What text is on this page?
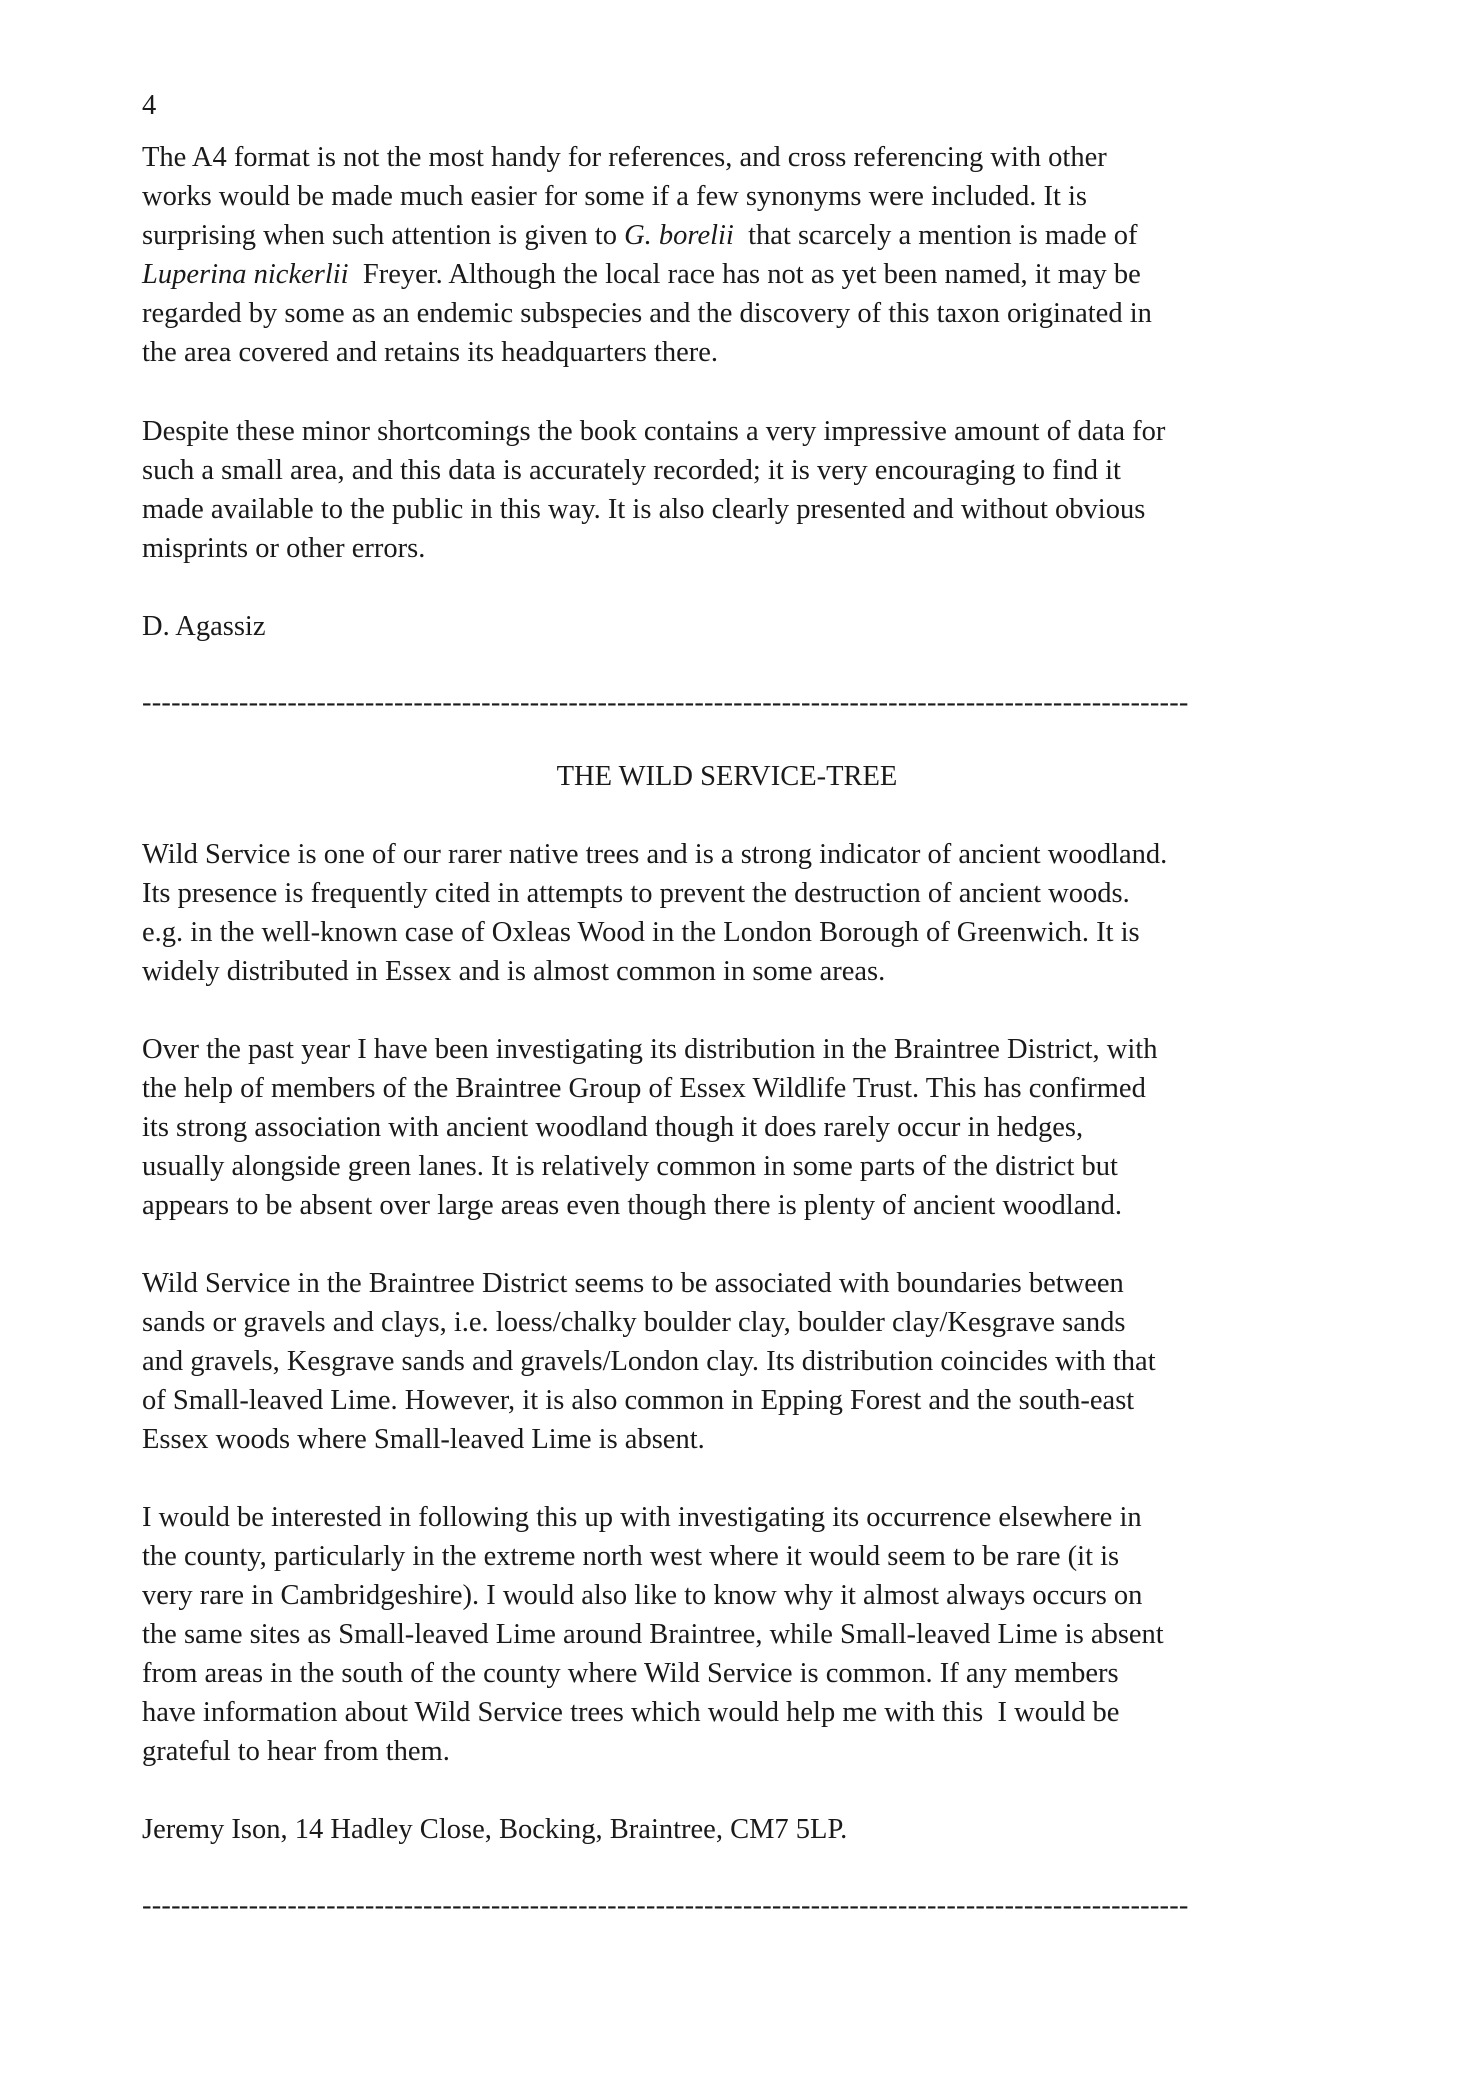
4

The A4 format is not the most handy for references, and cross referencing with other
works would be made much easier for some if a few synonyms were included. It is
surprising when such attention is given to G. borelii  that scarcely a mention is made of
Luperina nickerlii  Freyer. Although the local race has not as yet been named, it may be
regarded by some as an endemic subspecies and the discovery of this taxon originated in
the area covered and retains its headquarters there.

Despite these minor shortcomings the book contains a very impressive amount of data for
such a small area, and this data is accurately recorded; it is very encouraging to find it
made available to the public in this way. It is also clearly presented and without obvious
misprints or other errors.

D. Agassiz
------------------------------------------------------------------------------------------------------------
THE WILD SERVICE-TREE

Wild Service is one of our rarer native trees and is a strong indicator of ancient woodland.
Its presence is frequently cited in attempts to prevent the destruction of ancient woods.
e.g. in the well-known case of Oxleas Wood in the London Borough of Greenwich. It is
widely distributed in Essex and is almost common in some areas.

Over the past year I have been investigating its distribution in the Braintree District, with
the help of members of the Braintree Group of Essex Wildlife Trust. This has confirmed
its strong association with ancient woodland though it does rarely occur in hedges,
usually alongside green lanes. It is relatively common in some parts of the district but
appears to be absent over large areas even though there is plenty of ancient woodland.

Wild Service in the Braintree District seems to be associated with boundaries between
sands or gravels and clays, i.e. loess/chalky boulder clay, boulder clay/Kesgrave sands
and gravels, Kesgrave sands and gravels/London clay. Its distribution coincides with that
of Small-leaved Lime. However, it is also common in Epping Forest and the south-east
Essex woods where Small-leaved Lime is absent.

I would be interested in following this up with investigating its occurrence elsewhere in
the county, particularly in the extreme north west where it would seem to be rare (it is
very rare in Cambridgeshire). I would also like to know why it almost always occurs on
the same sites as Small-leaved Lime around Braintree, while Small-leaved Lime is absent
from areas in the south of the county where Wild Service is common. If any members
have information about Wild Service trees which would help me with this  I would be
grateful to hear from them.

Jeremy Ison, 14 Hadley Close, Bocking, Braintree, CM7 5LP.
------------------------------------------------------------------------------------------------------------
